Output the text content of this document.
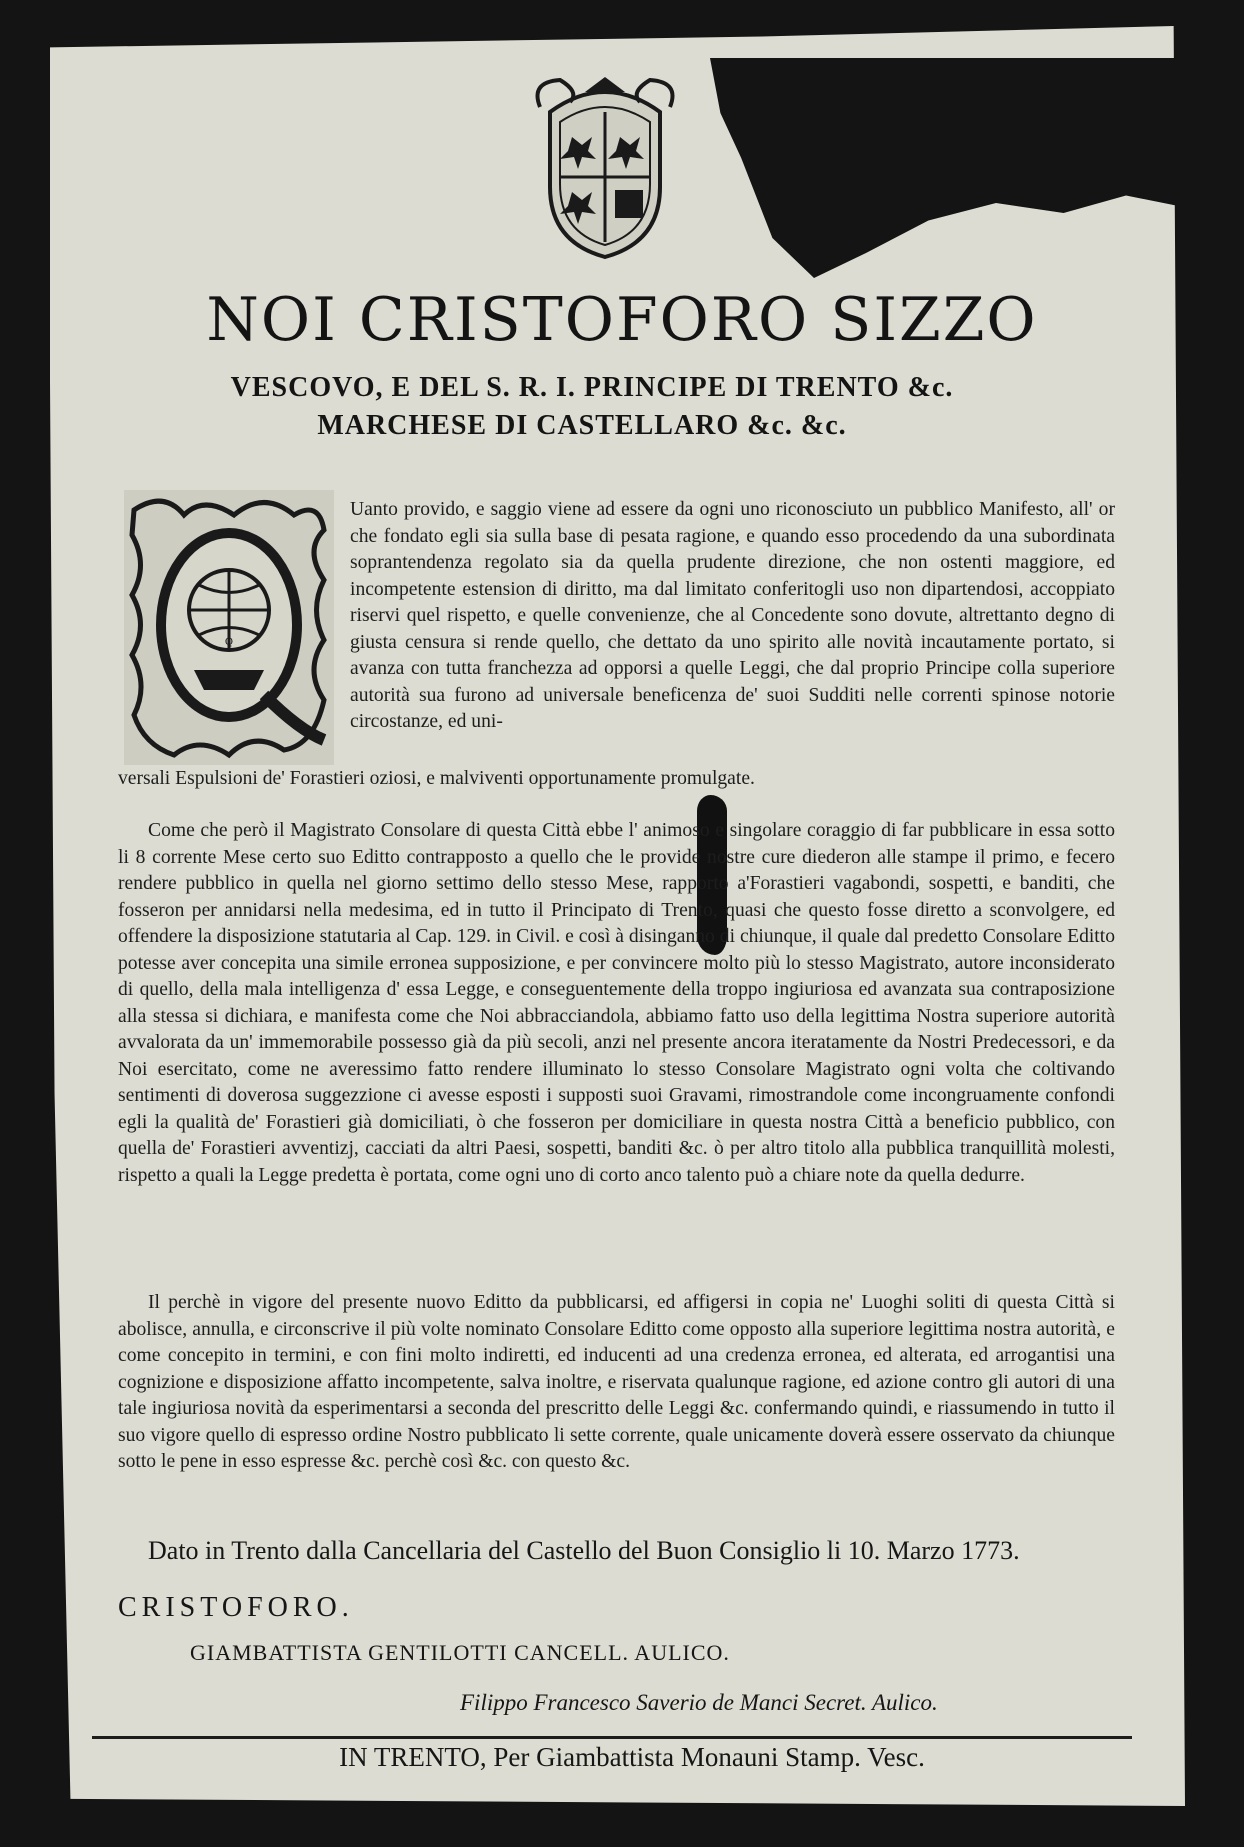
NOI CRISTOFORO SIZZO
VESCOVO, E DEL S. R. I. PRINCIPE DI TRENTO &c.
MARCHESE DI CASTELLARO &c. &c.
Q

Uanto provido, e saggio viene ad essere da ogni uno riconosciuto un pubblico Manifesto, all' or che fondato egli sia sulla base di pesata ragione, e quando esso procedendo da una subordinata soprantendenza regolato sia da quella prudente direzione, che non ostenti maggiore, ed incompetente estension di diritto, ma dal limitato conferitogli uso non dipartendosi, accoppiato riservi quel rispetto, e quelle convenienze, che al Concedente sono dovute, altrettanto degno di giusta censura si rende quello, che dettato da uno spirito alle novità incautamente portato, si avanza con tutta franchezza ad opporsi a quelle Leggi, che dal proprio Principe colla superiore autorità sua furono ad universale beneficenza de' suoi Sudditi nelle correnti spinose notorie circostanze, ed uni-

versali Espulsioni de' Forastieri oziosi, e malviventi opportunamente promulgate.

Come che però il Magistrato Consolare di questa Città ebbe l' animoso e singolare coraggio di far pubblicare in essa sotto li 8 corrente Mese certo suo Editto contrapposto a quello che le provide nostre cure diederon alle stampe il primo, e fecero rendere pubblico in quella nel giorno settimo dello stesso Mese, rapporto a'Forastieri vagabondi, sospetti, e banditi, che fosseron per annidarsi nella medesima, ed in tutto il Principato di Trento, quasi che questo fosse diretto a sconvolgere, ed offendere la disposizione statutaria al Cap. 129. in Civil. e così à disinganno di chiunque, il quale dal predetto Consolare Editto potesse aver concepita una simile erronea supposizione, e per convincere molto più lo stesso Magistrato, autore inconsiderato di quello, della mala intelligenza d' essa Legge, e conseguentemente della troppo ingiuriosa ed avanzata sua contraposizione alla stessa si dichiara, e manifesta come che Noi abbracciandola, abbiamo fatto uso della legittima Nostra superiore autorità avvalorata da un' immemorabile possesso già da più secoli, anzi nel presente ancora iteratamente da Nostri Predecessori, e da Noi esercitato, come ne averessimo fatto rendere illuminato lo stesso Consolare Magistrato ogni volta che coltivando sentimenti di doverosa suggezzione ci avesse esposti i supposti suoi Gravami, rimostrandole come incongruamente confondi egli la qualità de' Forastieri già domiciliati, ò che fosseron per domiciliare in questa nostra Città a beneficio pubblico, con quella de' Forastieri avventizj, cacciati da altri Paesi, sospetti, banditi &c. ò per altro titolo alla pubblica tranquillità molesti, rispetto a quali la Legge predetta è portata, come ogni uno di corto anco talento può a chiare note da quella dedurre.

Il perchè in vigore del presente nuovo Editto da pubblicarsi, ed affigersi in copia ne' Luoghi soliti di questa Città si abolisce, annulla, e circonscrive il più volte nominato Consolare Editto come opposto alla superiore legittima nostra autorità, e come concepito in termini, e con fini molto indiretti, ed inducenti ad una credenza erronea, ed alterata, ed arrogantisi una cognizione e disposizione affatto incompetente, salva inoltre, e riservata qualunque ragione, ed azione contro gli autori di una tale ingiuriosa novità da esperimentarsi a seconda del prescritto delle Leggi &c. confermando quindi, e riassumendo in tutto il suo vigore quello di espresso ordine Nostro pubblicato li sette corrente, quale unicamente doverà essere osservato da chiunque sotto le pene in esso espresse &c. perchè così &c. con questo &c.

Dato in Trento dalla Cancellaria del Castello del Buon Consiglio li 10. Marzo 1773.

CRISTOFORO.

GIAMBATTISTA GENTILOTTI CANCELL. AULICO.

Filippo Francesco Saverio de Manci Secret. Aulico.

IN TRENTO, Per Giambattista Monauni Stamp. Vesc.
